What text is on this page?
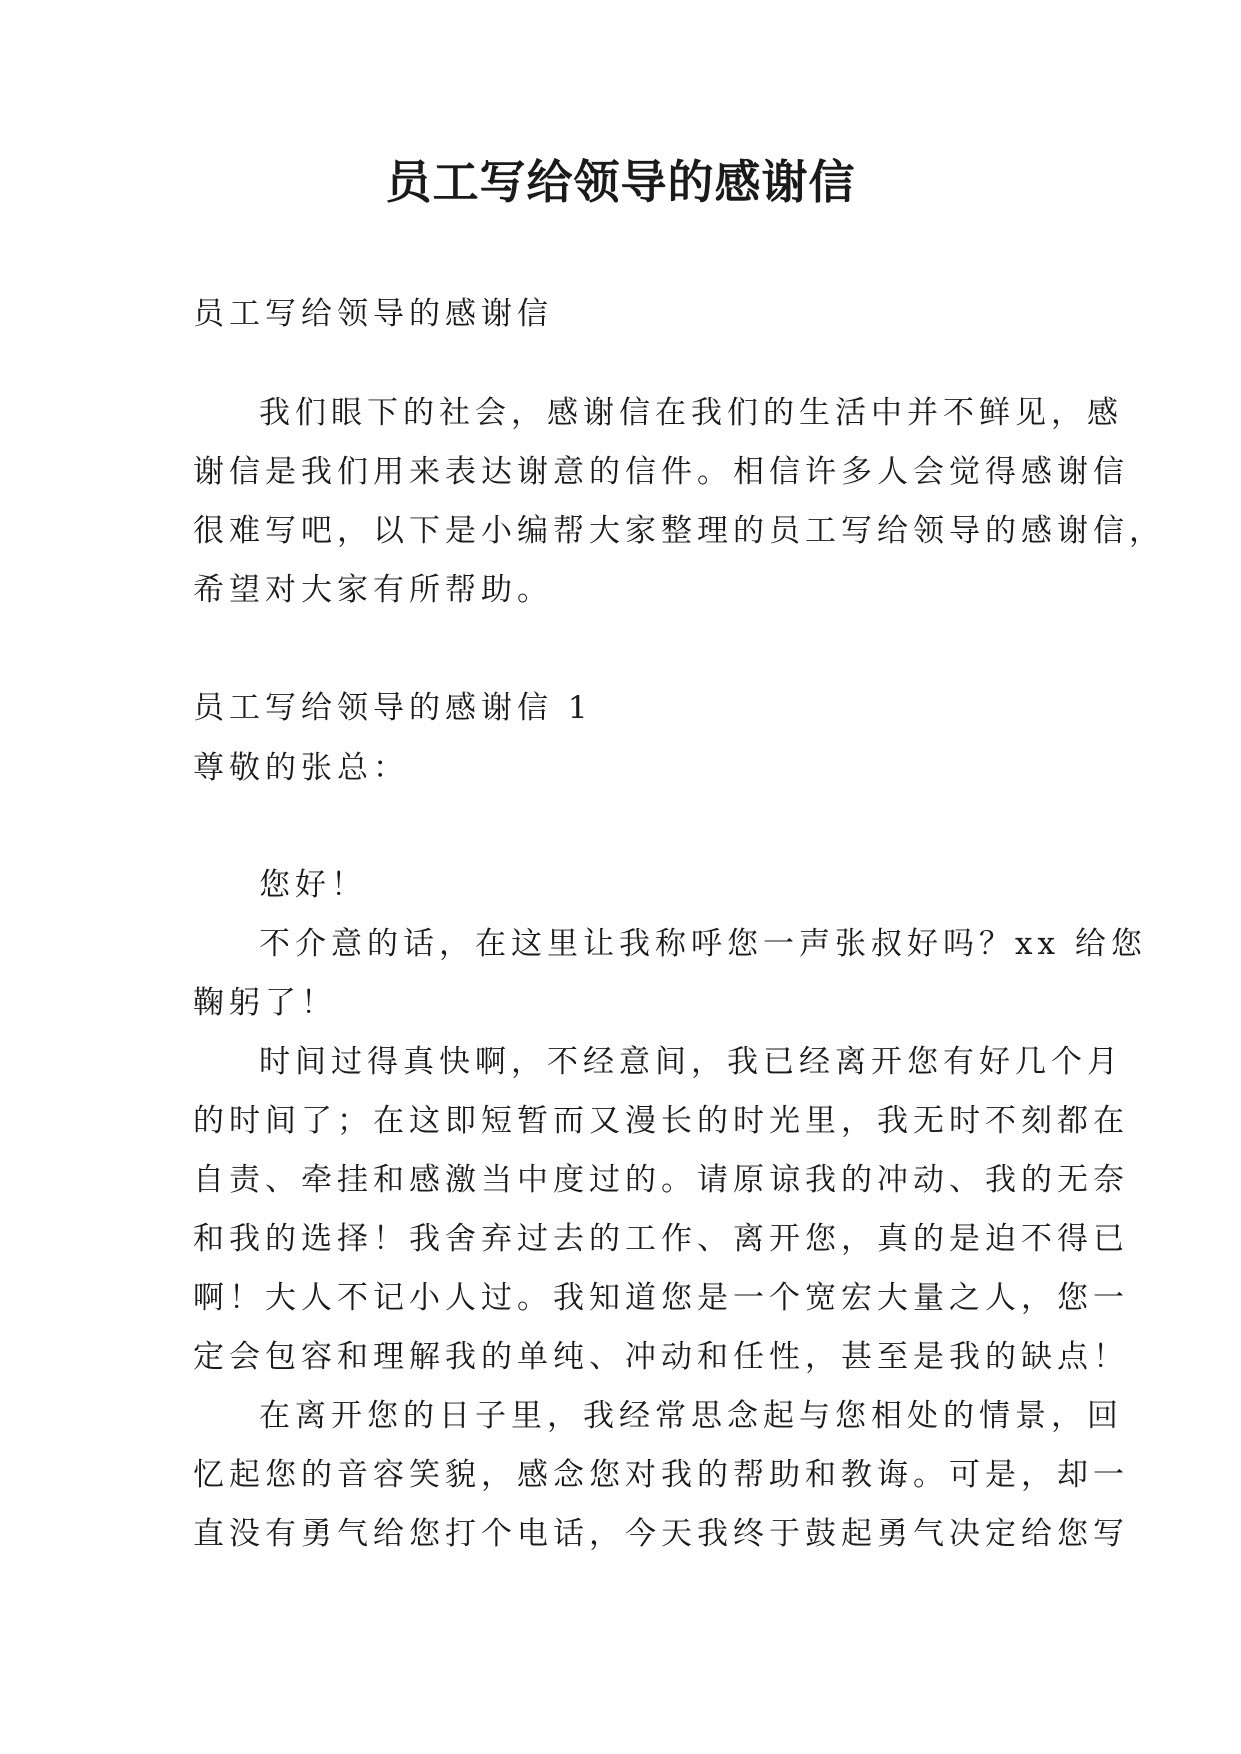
员工写给领导的感谢信
员工写给领导的感谢信
我们眼下的社会，感谢信在我们的生活中并不鲜见，感
谢信是我们用来表达谢意的信件。相信许多人会觉得感谢信
很难写吧，以下是小编帮大家整理的员工写给领导的感谢信，
希望对大家有所帮助。
员工写给领导的感谢信 1
尊敬的张总：
您好！
不介意的话，在这里让我称呼您一声张叔好吗？xx 给您
鞠躬了！
时间过得真快啊，不经意间，我已经离开您有好几个月
的时间了；在这即短暂而又漫长的时光里，我无时不刻都在
自责、牵挂和感激当中度过的。请原谅我的冲动、我的无奈
和我的选择！我舍弃过去的工作、离开您，真的是迫不得已
啊！大人不记小人过。我知道您是一个宽宏大量之人，您一
定会包容和理解我的单纯、冲动和任性，甚至是我的缺点！
在离开您的日子里，我经常思念起与您相处的情景，回
忆起您的音容笑貌，感念您对我的帮助和教诲。可是，却一
直没有勇气给您打个电话，今天我终于鼓起勇气决定给您写
